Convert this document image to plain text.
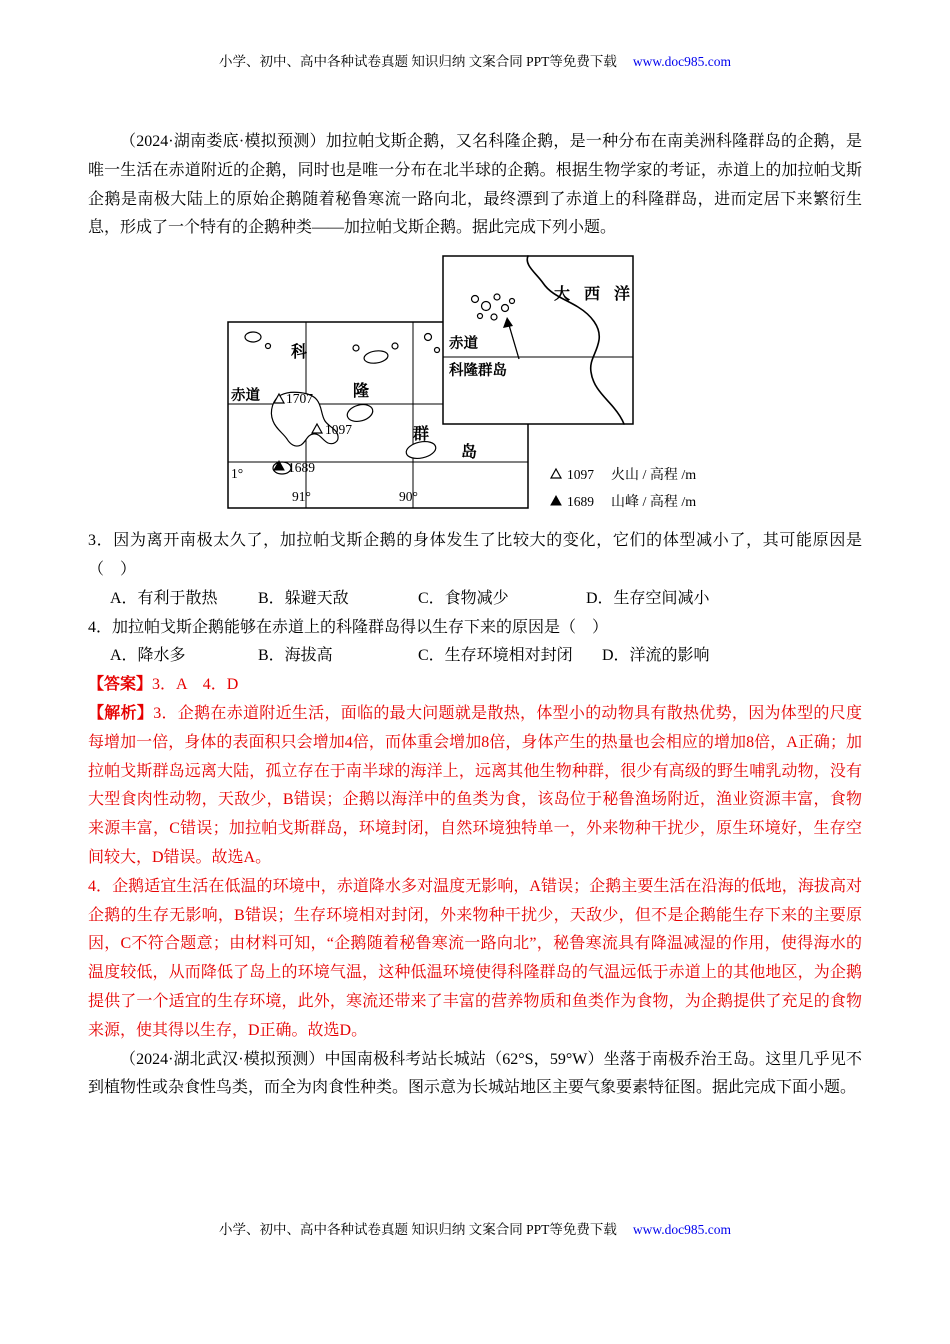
小学、初中、高中各种试卷真题 知识归纳 文案合同 PPT等免费下载 www.doc985.com

（2024·湖南娄底·模拟预测）加拉帕戈斯企鹅，又名科隆企鹅，是一种分布在南美洲科隆群岛的企鹅，是唯一生活在赤道附近的企鹅，同时也是唯一分布在北半球的企鹅。根据生物学家的考证，赤道上的加拉帕戈斯企鹅是南极大陆上的原始企鹅随着秘鲁寒流一路向北，最终漂到了赤道上的科隆群岛，进而定居下来繁衍生息，形成了一个特有的企鹅种类——加拉帕戈斯企鹅。据此完成下列小题。

1707
1097
1689
赤道
科
隆
群
岛
1°
91°	90°
大 西 洋
赤道
科隆群岛
1097 火山 / 高程 /m
1689 山峰 / 高程 /m

3．因为离开南极太久了，加拉帕戈斯企鹅的身体发生了比较大的变化，它们的体型减小了，其可能原因是（　）

A．有利于散热	B．躲避天敌	C．食物减少	D．生存空间减小

4．加拉帕戈斯企鹅能够在赤道上的科隆群岛得以生存下来的原因是（　）

A．降水多	B．海拔高	C．生存环境相对封闭	D．洋流的影响

【答案】3．A　4．D

【解析】3．企鹅在赤道附近生活，面临的最大问题就是散热，体型小的动物具有散热优势，因为体型的尺度每增加一倍，身体的表面积只会增加4倍，而体重会增加8倍，身体产生的热量也会相应的增加8倍，A正确；加拉帕戈斯群岛远离大陆，孤立存在于南半球的海洋上，远离其他生物种群，很少有高级的野生哺乳动物，没有大型食肉性动物，天敌少，B错误；企鹅以海洋中的鱼类为食，该岛位于秘鲁渔场附近，渔业资源丰富，食物来源丰富，C错误；加拉帕戈斯群岛，环境封闭，自然环境独特单一，外来物种干扰少，原生环境好，生存空间较大，D错误。故选A。

4．企鹅适宜生活在低温的环境中，赤道降水多对温度无影响，A错误；企鹅主要生活在沿海的低地，海拔高对企鹅的生存无影响，B错误；生存环境相对封闭，外来物种干扰少，天敌少，但不是企鹅能生存下来的主要原因，C不符合题意；由材料可知，“企鹅随着秘鲁寒流一路向北”，秘鲁寒流具有降温减湿的作用，使得海水的温度较低，从而降低了岛上的环境气温，这种低温环境使得科隆群岛的气温远低于赤道上的其他地区，为企鹅提供了一个适宜的生存环境，此外，寒流还带来了丰富的营养物质和鱼类作为食物，为企鹅提供了充足的食物来源，使其得以生存，D正确。故选D。

（2024·湖北武汉·模拟预测）中国南极科考站长城站（62°S，59°W）坐落于南极乔治王岛。这里几乎见不到植物性或杂食性鸟类，而全为肉食性种类。图示意为长城站地区主要气象要素特征图。据此完成下面小题。

小学、初中、高中各种试卷真题 知识归纳 文案合同 PPT等免费下载 www.doc985.com
